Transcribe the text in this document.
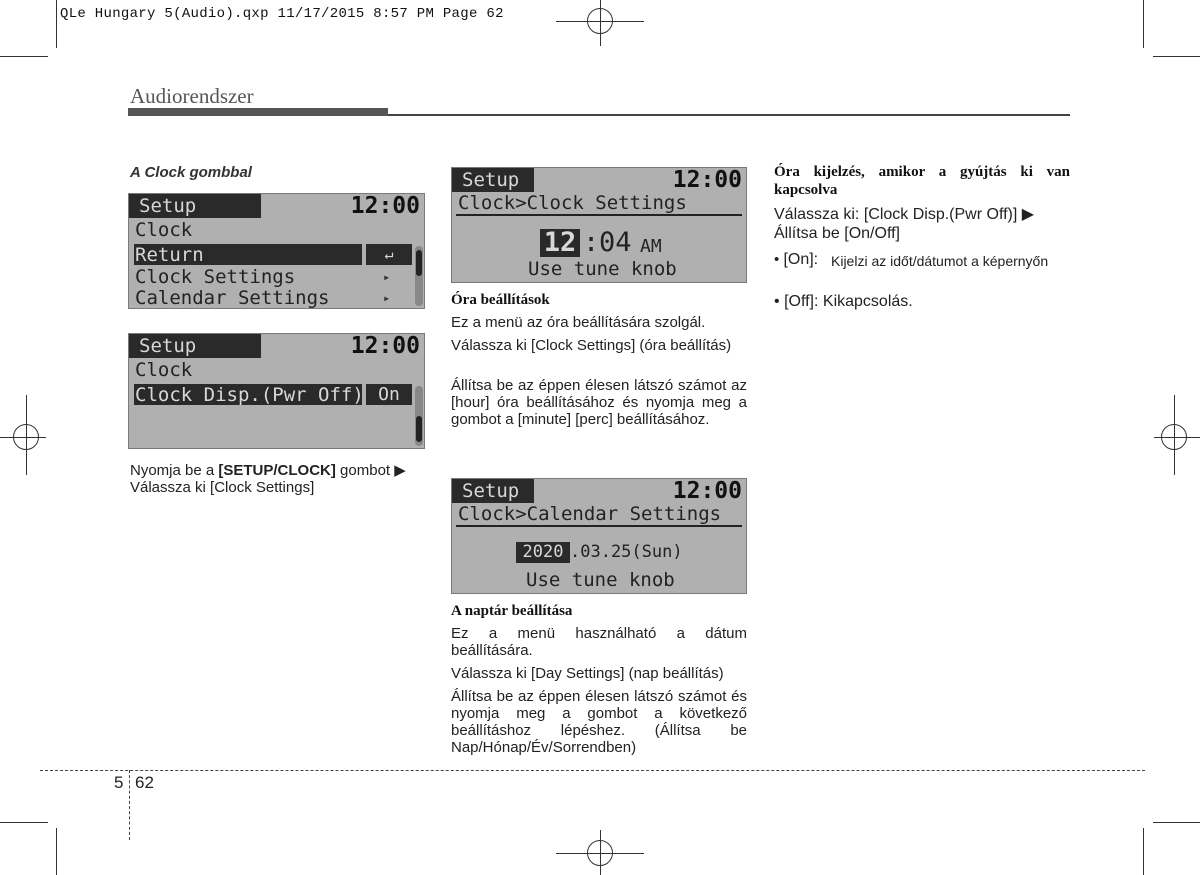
QLe Hungary 5(Audio).qxp 11/17/2015 8:57 PM Page 62
Audiorendszer
A Clock gombbal
Setup	12:00
Clock
Return	↵
Clock Settings	▸
Calendar Settings	▸
Setup	12:00
Clock
Clock Disp.(Pwr Off) On
Nyomja be a [SETUP/CLOCK] gombot ▶
Válassza ki [Clock Settings]
Setup	12:00
Clock>Clock Settings
12 : 04 AM
Use tune knob
Óra beállítások
Ez a menü az óra beállítására szolgál.
Válassza ki [Clock Settings] (óra beállítás)
Állítsa be az éppen élesen látszó számot az [hour] óra beállításához és nyomja meg a gombot a [minute] [perc] beállításához.
Setup	12:00
Clock>Calendar Settings
2020 .03.25(Sun)
Use tune knob
A naptár beállítása
Ez a menü használható a dátum beállítására.
Válassza ki [Day Settings] (nap beállítás)
Állítsa be az éppen élesen látszó számot és nyomja meg a gombot a következő beállításhoz lépéshez. (Állítsa be Nap/Hónap/Év/Sorrendben)
Óra kijelzés, amikor a gyújtás ki van kapcsolva
Válassza ki: [Clock Disp.(Pwr Off)] ▶
Állítsa be [On/Off]
• [On]: Kijelzi az időt/dátumot a képernyőn
• [Off]: Kikapcsolás.
5 62
